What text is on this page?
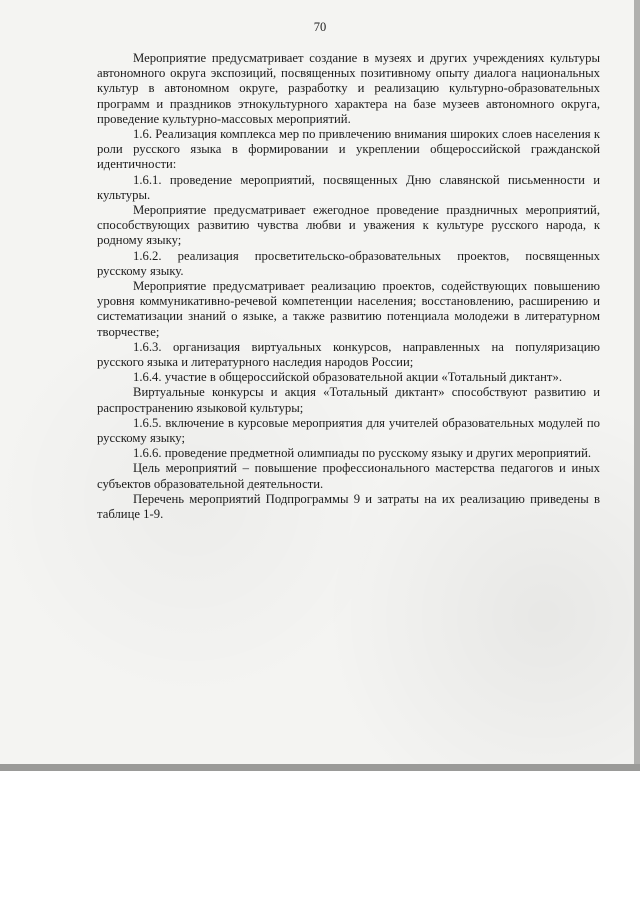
70

Мероприятие предусматривает создание в музеях и других учреждениях культуры автономного округа экспозиций, посвященных позитивному опыту диалога национальных культур в автономном округе, разработку и реализацию культурно-образовательных программ и праздников этнокультурного характера на базе музеев автономного округа, проведение культурно-массовых мероприятий.

1.6. Реализация комплекса мер по привлечению внимания широких слоев населения к роли русского языка в формировании и укреплении общероссийской гражданской идентичности:

1.6.1. проведение мероприятий, посвященных Дню славянской письменности и культуры.

Мероприятие предусматривает ежегодное проведение праздничных мероприятий, способствующих развитию чувства любви и уважения к культуре русского народа, к родному языку;

1.6.2. реализация просветительско-образовательных проектов, посвященных русскому языку.

Мероприятие предусматривает реализацию проектов, содействующих повышению уровня коммуникативно-речевой компетенции населения; восстановлению, расширению и систематизации знаний о языке, а также развитию потенциала молодежи в литературном творчестве;

1.6.3. организация виртуальных конкурсов, направленных на популяризацию русского языка и литературного наследия народов России;

1.6.4. участие в общероссийской образовательной акции «Тотальный диктант».

Виртуальные конкурсы и акция «Тотальный диктант» способствуют развитию и распространению языковой культуры;

1.6.5. включение в курсовые мероприятия для учителей образовательных модулей по русскому языку;

1.6.6. проведение предметной олимпиады по русскому языку и других мероприятий.

Цель мероприятий – повышение профессионального мастерства педагогов и иных субъектов образовательной деятельности.

Перечень мероприятий Подпрограммы 9 и затраты на их реализацию приведены в таблице 1-9.
